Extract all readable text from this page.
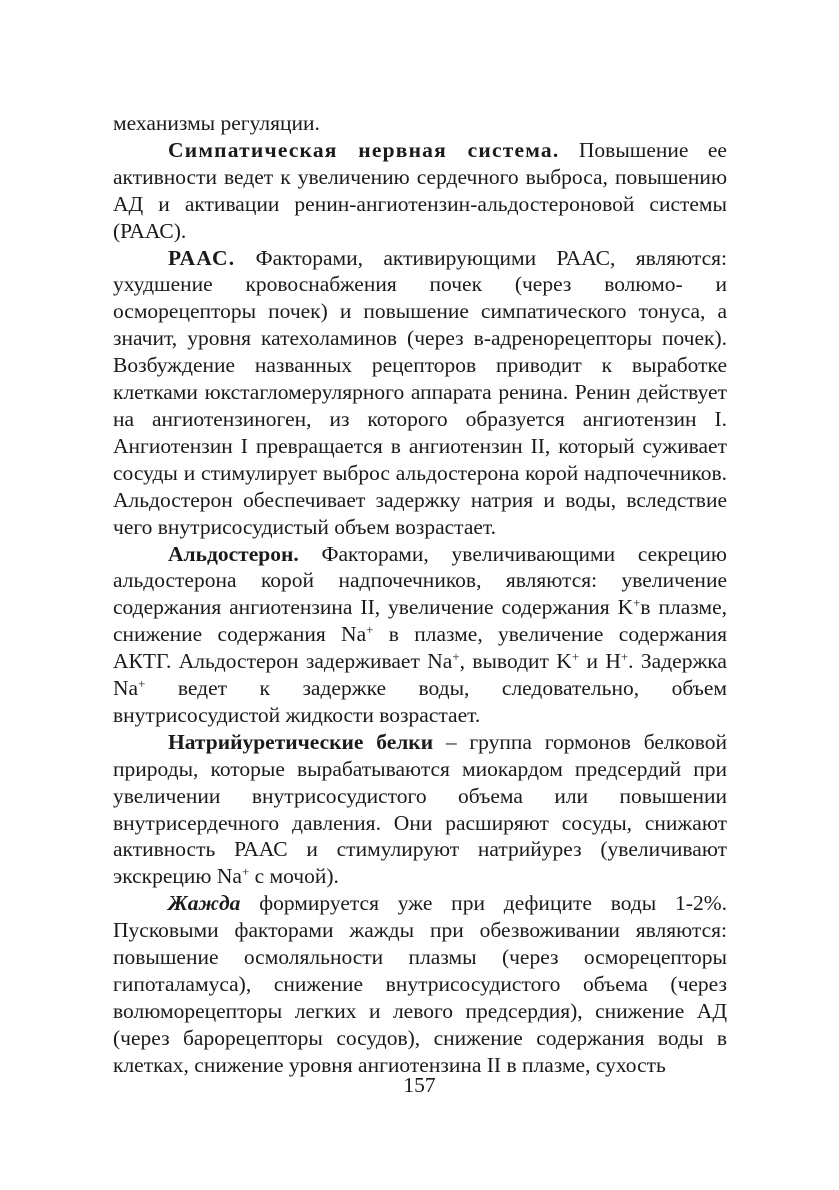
механизмы регуляции.

Симпатическая нервная система. Повышение ее активности ведет к увеличению сердечного выброса, повышению АД и активации ренин-ангиотензин-альдостероновой системы (РААС).

РААС. Факторами, активирующими РААС, являются: ухудшение кровоснабжения почек (через волюмо- и осморецепторы почек) и повышение симпатического тонуса, а значит, уровня катехоламинов (через в-адренорецепторы почек). Возбуждение названных рецепторов приводит к выработке клетками юкстагломерулярного аппарата ренина. Ренин действует на ангиотензиноген, из которого образуется ангиотензин I. Ангиотензин I превращается в ангиотензин II, который суживает сосуды и стимулирует выброс альдостерона корой надпочечников. Альдостерон обеспечивает задержку натрия и воды, вследствие чего внутрисосудистый объем возрастает.

Альдостерон. Факторами, увеличивающими секрецию альдостерона корой надпочечников, являются: увеличение содержания ангиотензина II, увеличение содержания K+в плазме, снижение содержания Na+ в плазме, увеличение содержания АКТГ. Альдостерон задерживает Na+, выводит K+ и H+. Задержка Na+ ведет к задержке воды, следовательно, объем внутрисосудистой жидкости возрастает.

Натрийуретические белки – группа гормонов белковой природы, которые вырабатываются миокардом предсердий при увеличении внутрисосудистого объема или повышении внутрисердечного давления. Они расширяют сосуды, снижают активность РААС и стимулируют натрийурез (увеличивают экскрецию Na+ с мочой).

Жажда формируется уже при дефиците воды 1-2%. Пусковыми факторами жажды при обезвоживании являются: повышение осмоляльности плазмы (через осморецепторы гипоталамуса), снижение внутрисосудистого объема (через волюморецепторы легких и левого предсердия), снижение АД (через барорецепторы сосудов), снижение содержания воды в клетках, снижение уровня ангиотензина II в плазме, сухость

157
